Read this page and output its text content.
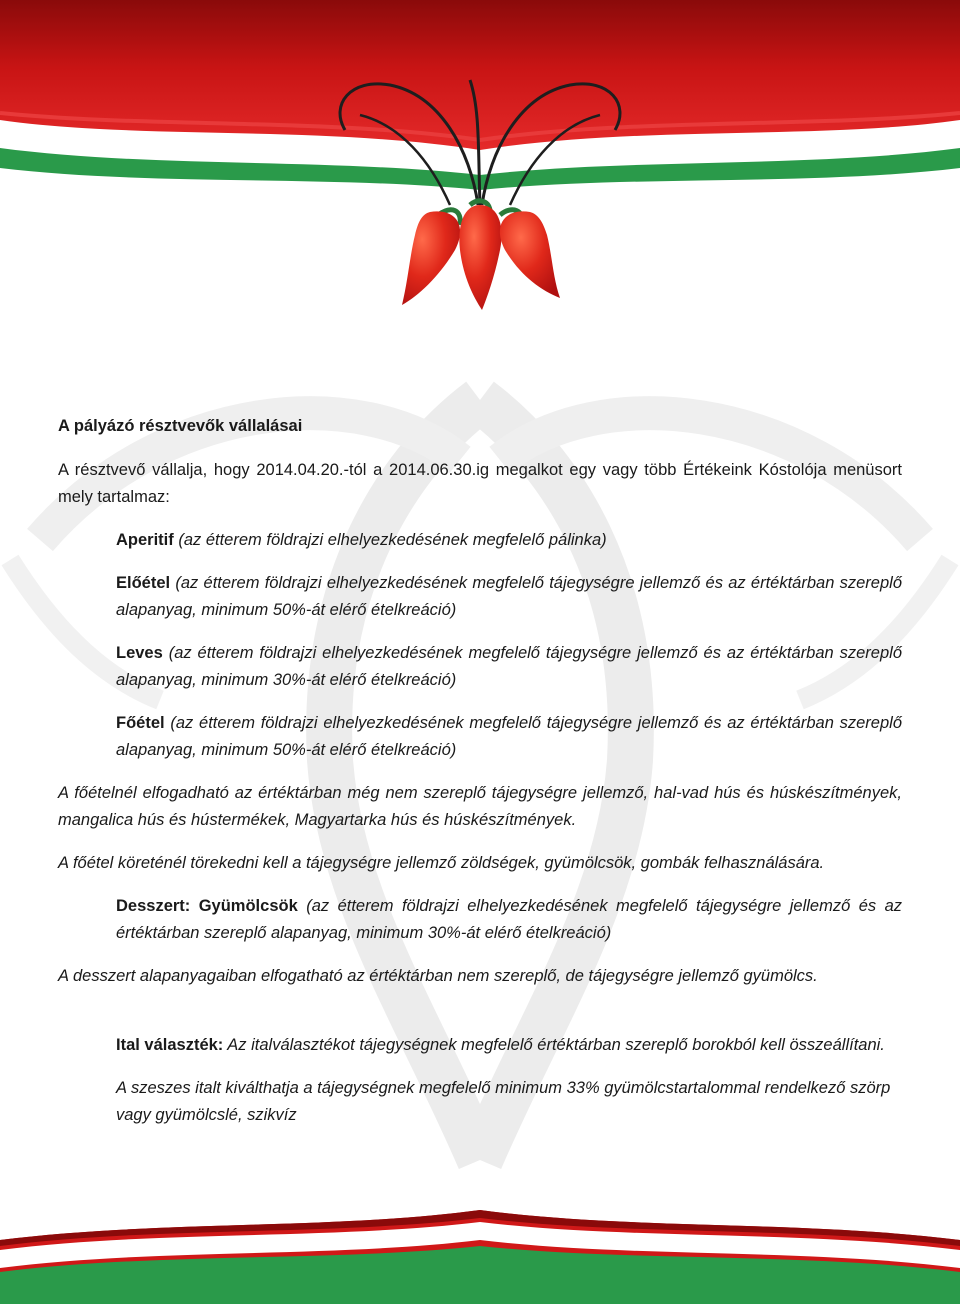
A pályázó résztvevők vállalásai

A résztvevő vállalja, hogy 2014.04.20.-tól a 2014.06.30.ig megalkot egy vagy több Értékeink Kóstolója menüsort mely tartalmaz:

Aperitif (az étterem földrajzi elhelyezkedésének megfelelő pálinka)

Előétel (az étterem földrajzi elhelyezkedésének megfelelő tájegységre jellemző és az értéktárban szereplő alapanyag, minimum 50%-át elérő ételkreáció)

Leves (az étterem földrajzi elhelyezkedésének megfelelő tájegységre jellemző és az értéktárban szereplő alapanyag, minimum 30%-át elérő ételkreáció)

Főétel (az étterem földrajzi elhelyezkedésének megfelelő tájegységre jellemző és az értéktárban szereplő alapanyag, minimum 50%-át elérő ételkreáció)

A főételnél elfogadható az értéktárban még nem szereplő tájegységre jellemző, hal-vad hús és húskészítmények, mangalica hús és hústermékek, Magyartarka hús és húskészítmények.

A főétel köreténél törekedni kell a tájegységre jellemző zöldségek, gyümölcsök, gombák felhasználására.

Desszert: Gyümölcsök (az étterem földrajzi elhelyezkedésének megfelelő tájegységre jellemző és az értéktárban szereplő alapanyag, minimum 30%-át elérő ételkreáció)

A desszert alapanyagaiban elfogatható az értéktárban nem szereplő, de tájegységre jellemző gyümölcs.

Ital választék: Az italválasztékot tájegységnek megfelelő értéktárban szereplő borokból kell összeállítani.

A szeszes italt kiválthatja a tájegységnek megfelelő minimum 33% gyümölcstartalommal rendelkező szörp vagy gyümölcslé, szikvíz
